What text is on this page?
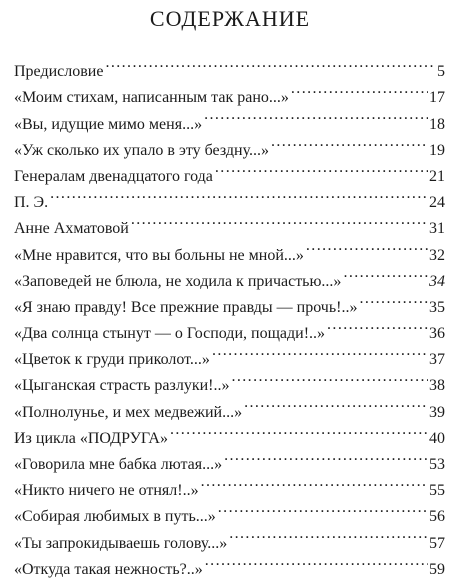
СОДЕРЖАНИЕ
Предисловие .....	5
«Моим стихам, написанным так рано...» .....	17
«Вы, идущие мимо меня...» .....	18
«Уж сколько их упало в эту бездну...» .....	19
Генералам двенадцатого года .....	21
П. Э. .....	24
Анне Ахматовой .....	31
«Мне нравится, что вы больны не мной...» .....	32
«Заповедей не блюла, не ходила к причастью...» .....	34
«Я знаю правду! Все прежние правды — прочь!..» .....	35
«Два солнца стынут — о Господи, пощади!..» .....	36
«Цветок к груди приколот...» .....	37
«Цыганская страсть разлуки!..» .....	38
«Полнолунье, и мех медвежий...» .....	39
Из цикла «ПОДРУГА» .....	40
«Говорила мне бабка лютая...» .....	53
«Никто ничего не отнял!..» .....	55
«Собирая любимых в путь...» .....	56
«Ты запрокидываешь голову...» .....	57
«Откуда такая нежность?..» .....	59
